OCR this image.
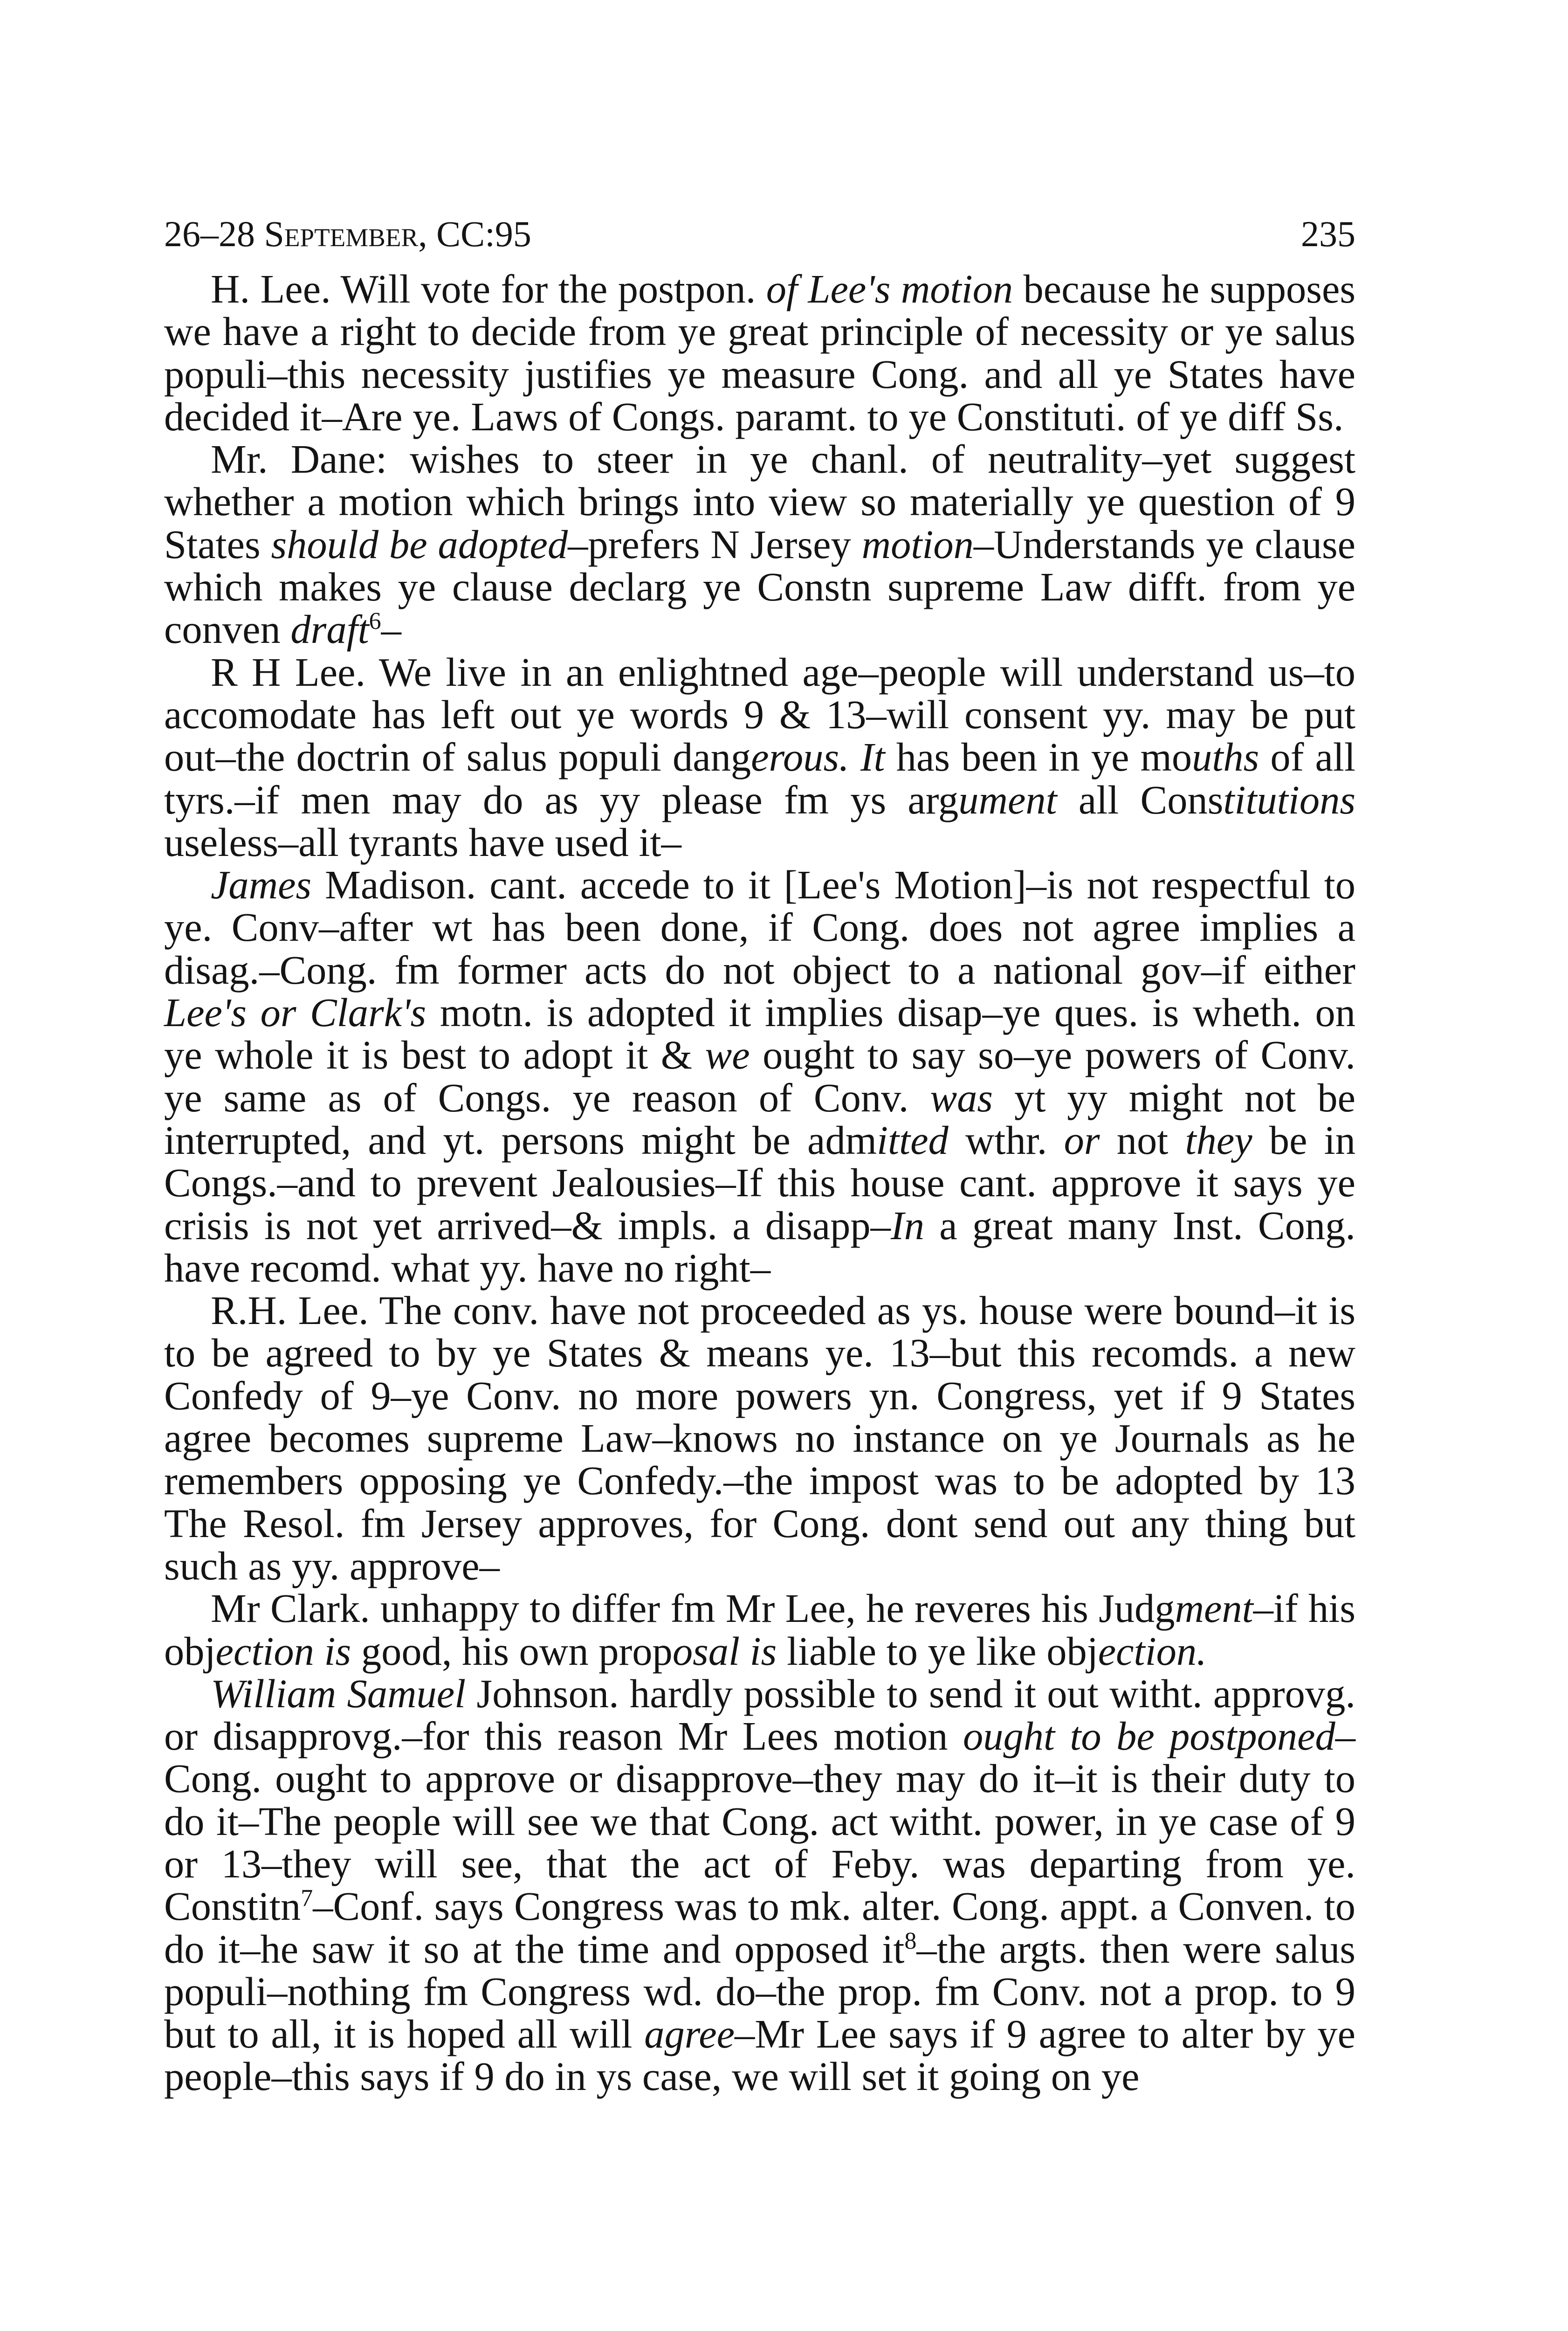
26–28 September, CC:95	235

H. Lee. Will vote for the postpon. of Lee's motion because he supposes we have a right to decide from ye great principle of necessity or ye salus populi–this necessity justifies ye measure Cong. and all ye States have decided it–Are ye. Laws of Congs. paramt. to ye Constituti. of ye diff Ss.

Mr. Dane: wishes to steer in ye chanl. of neutrality–yet suggest whether a motion which brings into view so materially ye question of 9 States should be adopted–prefers N Jersey motion–Understands ye clause which makes ye clause declarg ye Constn supreme Law difft. from ye conven draft$^6$–

R H Lee. We live in an enlightned age–people will understand us–to accomodate has left out ye words 9 & 13–will consent yy. may be put out–the doctrin of salus populi dangerous. It has been in ye mouths of all tyrs.–if men may do as yy please fm ys argument all Constitutions useless–all tyrants have used it–

James Madison. cant. accede to it [Lee's Motion]–is not respectful to ye. Conv–after wt has been done, if Cong. does not agree implies a disag.–Cong. fm former acts do not object to a national gov–if either Lee's or Clark's motn. is adopted it implies disap–ye ques. is wheth. on ye whole it is best to adopt it & we ought to say so–ye powers of Conv. ye same as of Congs. ye reason of Conv. was yt yy might not be interrupted, and yt. persons might be admitted wthr. or not they be in Congs.–and to prevent Jealousies–If this house cant. approve it says ye crisis is not yet arrived–& impls. a disapp–In a great many Inst. Cong. have recomd. what yy. have no right–

R.H. Lee. The conv. have not proceeded as ys. house were bound–it is to be agreed to by ye States & means ye. 13–but this recomds. a new Confedy of 9–ye Conv. no more powers yn. Congress, yet if 9 States agree becomes supreme Law–knows no instance on ye Journals as he remembers opposing ye Confedy.–the impost was to be adopted by 13 The Resol. fm Jersey approves, for Cong. dont send out any thing but such as yy. approve–

Mr Clark. unhappy to differ fm Mr Lee, he reveres his Judgment–if his objection is good, his own proposal is liable to ye like objection.

William Samuel Johnson. hardly possible to send it out witht. approvg. or disapprovg.–for this reason Mr Lees motion ought to be postponed–Cong. ought to approve or disapprove–they may do it–it is their duty to do it–The people will see we that Cong. act witht. power, in ye case of 9 or 13–they will see, that the act of Feby. was departing from ye. Constitn$^7$–Conf. says Congress was to mk. alter. Cong. appt. a Conven. to do it–he saw it so at the time and opposed $it^8$–the argts. then were salus populi–nothing fm Congress wd. do–the prop. fm Conv. not a prop. to 9 but to all, it is hoped all will agree–Mr Lee says if 9 agree to alter by ye people–this says if 9 do in ys case, we will set it going on ye
